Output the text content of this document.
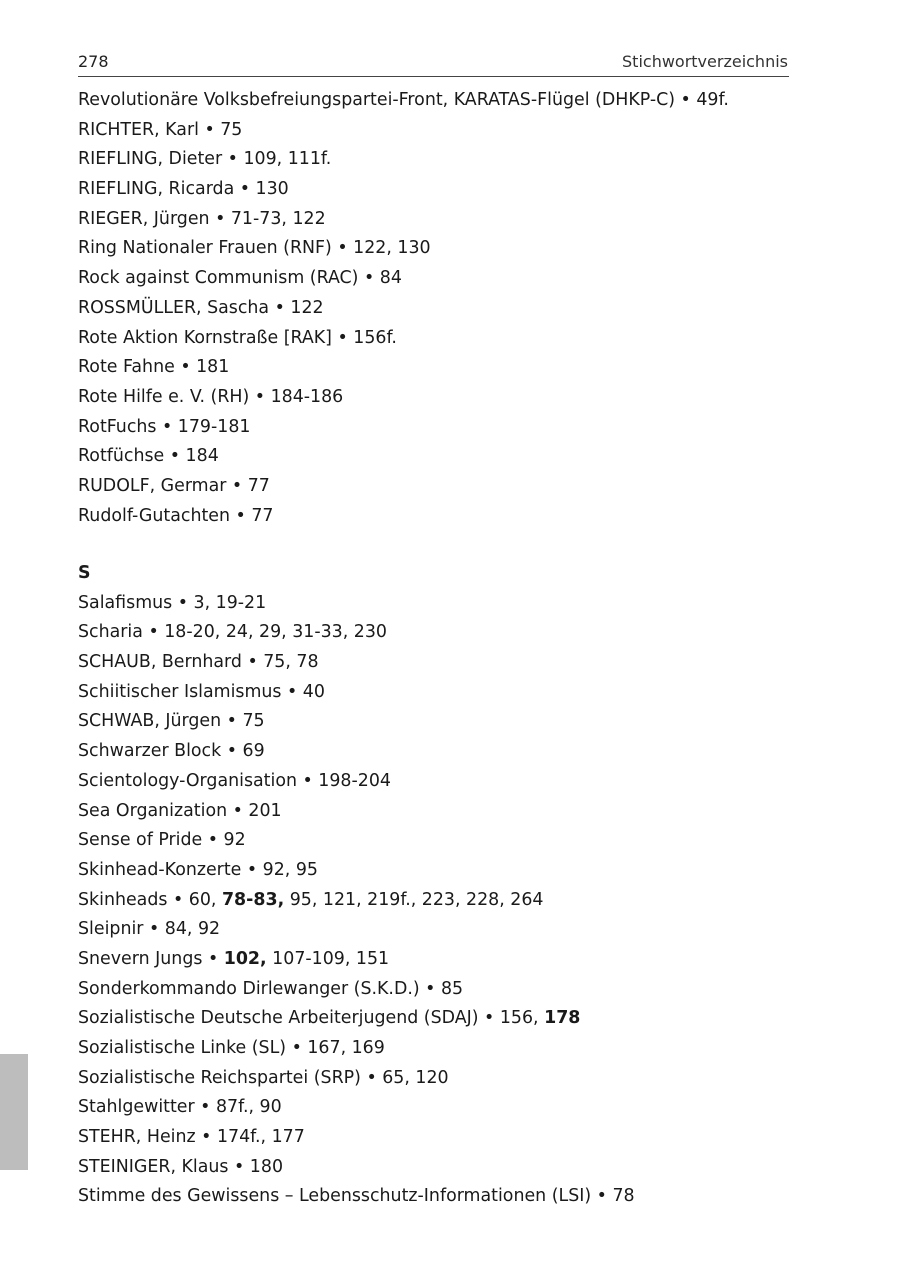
278	Stichwortverzeichnis
Revolutionäre Volksbefreiungspartei-Front, KARATAS-Flügel (DHKP-C) • 49f.
RICHTER, Karl • 75
RIEFLING, Dieter • 109, 111f.
RIEFLING, Ricarda • 130
RIEGER, Jürgen • 71-73, 122
Ring Nationaler Frauen (RNF) • 122, 130
Rock against Communism (RAC) • 84
ROSSMÜLLER, Sascha • 122
Rote Aktion Kornstraße [RAK] • 156f.
Rote Fahne • 181
Rote Hilfe e. V. (RH) • 184-186
RotFuchs • 179-181
Rotfüchse • 184
RUDOLF, Germar • 77
Rudolf-Gutachten • 77
S
Salafismus • 3, 19-21
Scharia • 18-20, 24, 29, 31-33, 230
SCHAUB, Bernhard • 75, 78
Schiitischer Islamismus • 40
SCHWAB, Jürgen • 75
Schwarzer Block • 69
Scientology-Organisation • 198-204
Sea Organization • 201
Sense of Pride • 92
Skinhead-Konzerte • 92, 95
Skinheads • 60, 78-83, 95, 121, 219f., 223, 228, 264
Sleipnir • 84, 92
Snevern Jungs • 102, 107-109, 151
Sonderkommando Dirlewanger (S.K.D.) • 85
Sozialistische Deutsche Arbeiterjugend (SDAJ) • 156, 178
Sozialistische Linke (SL) • 167, 169
Sozialistische Reichspartei (SRP) • 65, 120
Stahlgewitter • 87f., 90
STEHR, Heinz • 174f., 177
STEINIGER, Klaus • 180
Stimme des Gewissens – Lebensschutz-Informationen (LSI) • 78
